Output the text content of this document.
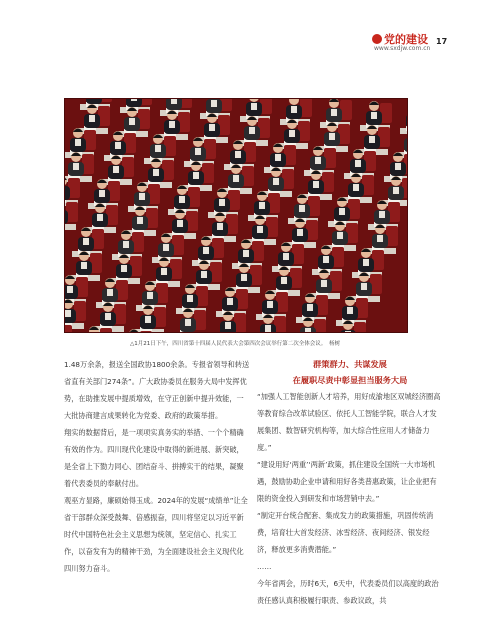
党的建设
www.sxdjw.com.cn
17
△1月21日下午，四川省第十四届人民代表大会第四次会议举行第二次全体会议。　杨树

1.48万余条，报送全国政协1800余条。专报省领导和转送省直有关部门274条”。广大政协委员在服务大局中发挥优势，在助推发展中提质增效，在守正创新中提升效能，一大批协商建言成果转化为党委、政府的政策举措。

翔实的数据背后，是一项项实真务实的举措、一个个精确有效的作为。四川现代化建设中取得的新进展、新突破，是全省上下勠力同心、团结奋斗、拼搏实干的结果，凝聚着代表委员的奉献付出。

观巫方显路，廉硕始得玉成。2024年的发展“成绩单”让全省干部群众深受鼓舞、倍感振奋，四川将坚定以习近平新时代中国特色社会主义思想为统领，坚定信心、扎实工作，以奋发有为的精神干劲，为全面建设社会主义现代化四川努力奋斗。

群策群力、共谋发展
在履职尽责中彰显担当服务大局

“加强人工智能创新人才培养，用好成渝地区双城经济圈高等教育综合改革试验区、依托人工智能学院，联合人才发展集团、数智研究机构等，加大综合性应用人才储备力度。”

“建设用好‘两重’‘两新’政策，抓住建设全国统一大市场机遇，鼓励协助企业申请和用好各类普惠政策，让企业把有限的资金投入到研发和市场营销中去。”

“制定开台统合配套、集成发力的政策措施，巩固传统消费，培育壮大首发经济、冰雪经济、夜间经济、银发经济，释放更多消费潜能。”

……

今年省两会，历时6天，6天中，代表委员们以高度的政治责任感认真积极履行职责、参政议政，共
